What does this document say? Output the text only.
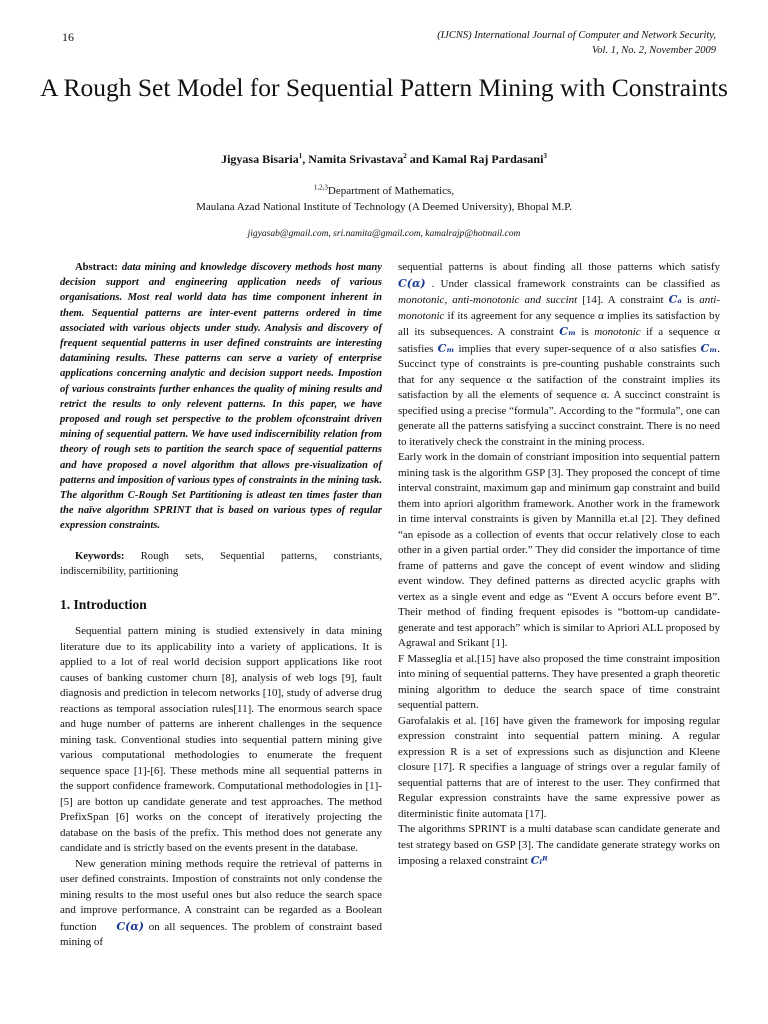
16	(IJCNS) International Journal of Computer and Network Security,
Vol. 1, No. 2, November 2009
A Rough Set Model for Sequential Pattern Mining with Constraints
Jigyasa Bisaria$^1$, Namita Srivastava$^2$ and Kamal Raj Pardasani$^3$
$^{1,2,3}$Department of Mathematics,
Maulana Azad National Institute of Technology (A Deemed University), Bhopal M.P.
jigyasab@gmail.com, sri.namita@gmail.com, kamalrajp@hotmail.com

Abstract: data mining and knowledge discovery methods host many decision support and engineering application needs of various organisations. Most real world data has time component inherent in them. Sequential patterns are inter-event patterns ordered in time associated with various objects under study. Analysis and discovery of frequent sequential patterns in user defined constraints are interesting datamining results. These patterns can serve a variety of enterprise applications concerning analytic and decision support needs. Impostion of various constraints further enhances the quality of mining results and retrict the results to only relevent patterns. In this paper, we have proposed and rough set perspective to the problem ofconstraint driven mining of sequential pattern. We have used indiscernibility relation from theory of rough sets to partition the search space of sequential patterns and have proposed a novel algorithm that allows pre-visualization of patterns and imposition of various types of constraints in the mining task. The algorithm C-Rough Set Partitioning is atleast ten times faster than the naïve algorithm SPRINT that is based on various types of regular expression constraints.

Keywords: Rough sets, Sequential patterns, constriants, indiscernibility, partitioning

1. Introduction

Sequential pattern mining is studied extensively in data mining literature due to its applicability into a variety of applications. It is applied to a lot of real world decision support applications like root causes of banking customer churn [8], analysis of web logs [9], fault diagnosis and prediction in telecom networks [10], study of adverse drug reactions as temporal association rules[11]. The enormous search space and huge number of patterns are inherent challenges in the sequence mining task. Conventional studies into sequential pattern mining give various computational methodologies to enumerate the frequent sequence space [1]-[6]. These methods mine all sequential patterns in the support confidence framework. Computational methodologies in [1]-[5] are botton up candidate generate and test approaches. The method PrefixSpan [6] works on the concept of iteratively projecting the database on the basis of the prefix. This method does not generate any candidate and is strictly based on the events present in the database.

New generation mining methods require the retrieval of patterns in user defined constraints. Impostion of constraints not only condense the mining results to the most useful ones but also reduce the search space and improve performance. A constraint can be regarded as a Boolean function C(α) on all sequences. The problem of constraint based mining of

sequential patterns is about finding all those patterns which satisfy C(α) . Under classical framework constraints can be classified as monotonic, anti-monotonic and succint [14]. A constraint Cₐ is anti-monotonic if its agreement for any sequence α implies its satisfaction by all its subsequences. A constraint Cₘ is monotonic if a sequence α satisfies Cₘ implies that every super-sequence of α also satisfies Cₘ. Succinct type of constraints is pre-counting pushable constraints such that for any sequence α the satifaction of the constraint implies its satisfaction by all the elements of sequence α. A succinct constraint is specified using a precise “formula”. According to the “formula”, one can generate all the patterns satisfying a succinct constraint. There is no need to iteratively check the constraint in the mining process.

Early work in the domain of constriant imposition into sequential pattern mining task is the algorithm GSP [3]. They proposed the concept of time interval constraint, maximum gap and minimum gap constraint and build them into apriori algorithm framework. Another work in the framework in time interval constraints is given by Mannilla et.al [2]. They defined “an episode as a collection of events that occur relatively close to each other in a given partial order.” They did consider the importance of time frame of patterns and gave the concept of event window and sliding event window. They defined patterns as directed acyclic graphs with vertex as a single event and edge as “Event A occurs before event B”. Their method of finding frequent episodes is “bottom-up candidate-generate and test apporach” which is similar to Apriori ALL proposed by Agrawal and Srikant [1].

F Masseglia et al.[15] have also proposed the time constraint imposition into mining of sequential patterns. They have presented a graph theoretic mining algorithm to deduce the search space of time constraint sequential pattern.

Garofalakis et al. [16] have given the framework for imposing regular expression constraint into sequential pattern mining. A regular expression R is a set of expressions such as disjunction and Kleene closure [17]. R specifies a language of strings over a regular family of sequential patterns that are of interest to the user. They confirmed that Regular expression constraints have the same expressive power as diterministic finite automata [17].

The algorithms SPRINT is a multi database scan candidate generate and test strategy based on GSP [3]. The candidate generate strategy works on imposing a relaxed constraint Cᵢᴿ
